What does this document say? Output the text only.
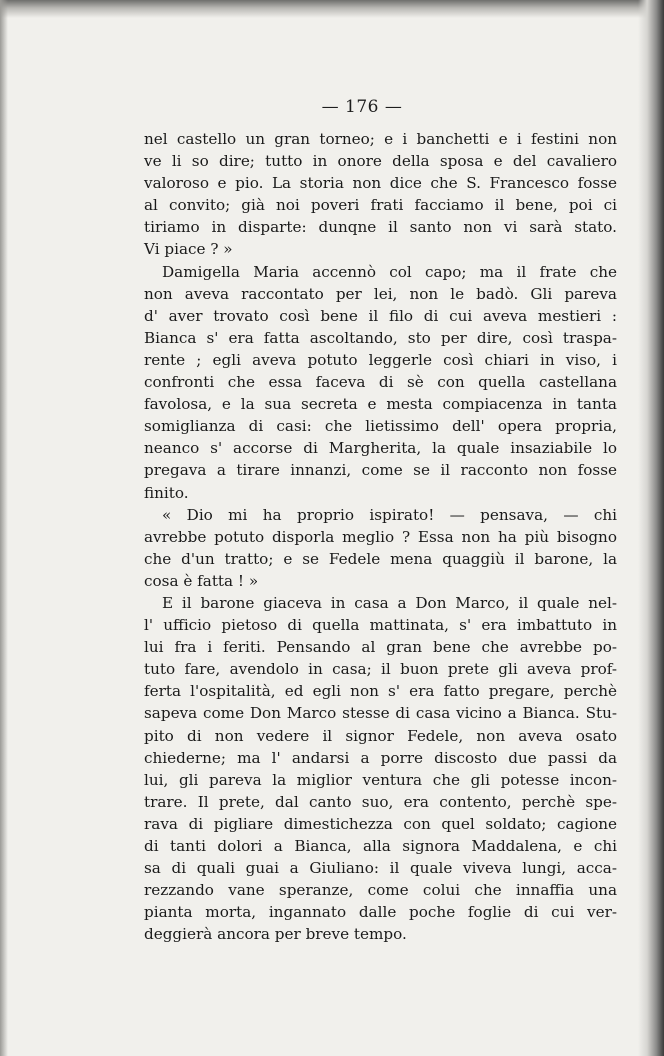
— 176 —
nel castello un gran torneo; e i banchetti e i festini non
ve li so dire; tutto in onore della sposa e del cavaliero
valoroso e pio. La storia non dice che S. Francesco fosse
al convito; già noi poveri frati facciamo il bene, poi ci
tiriamo in disparte: dunqne il santo non vi sarà stato.
Vi piace ? »
Damigella Maria accennò col capo; ma il frate che
non aveva raccontato per lei, non le badò. Gli pareva
d' aver trovato così bene il filo di cui aveva mestieri :
Bianca s' era fatta ascoltando, sto per dire, così traspa-
rente ; egli aveva potuto leggerle così chiari in viso, i
confronti che essa faceva di sè con quella castellana
favolosa, e la sua secreta e mesta compiacenza in tanta
somiglianza di casi: che lietissimo dell' opera propria,
neanco s' accorse di Margherita, la quale insaziabile lo
pregava a tirare innanzi, come se il racconto non fosse
finito.
« Dio mi ha proprio ispirato! — pensava, — chi
avrebbe potuto disporla meglio ? Essa non ha più bisogno
che d'un tratto; e se Fedele mena quaggiù il barone, la
cosa è fatta ! »
E il barone giaceva in casa a Don Marco, il quale nel-
l' ufficio pietoso di quella mattinata, s' era imbattuto in
lui fra i feriti. Pensando al gran bene che avrebbe po-
tuto fare, avendolo in casa; il buon prete gli aveva prof-
ferta l'ospitalità, ed egli non s' era fatto pregare, perchè
sapeva come Don Marco stesse di casa vicino a Bianca. Stu-
pito di non vedere il signor Fedele, non aveva osato
chiederne; ma l' andarsi a porre discosto due passi da
lui, gli pareva la miglior ventura che gli potesse incon-
trare. Il prete, dal canto suo, era contento, perchè spe-
rava di pigliare dimestichezza con quel soldato; cagione
di tanti dolori a Bianca, alla signora Maddalena, e chi
sa di quali guai a Giuliano: il quale viveva lungi, acca-
rezzando vane speranze, come colui che innaffia una
pianta morta, ingannato dalle poche foglie di cui ver-
deggierà ancora per breve tempo.
